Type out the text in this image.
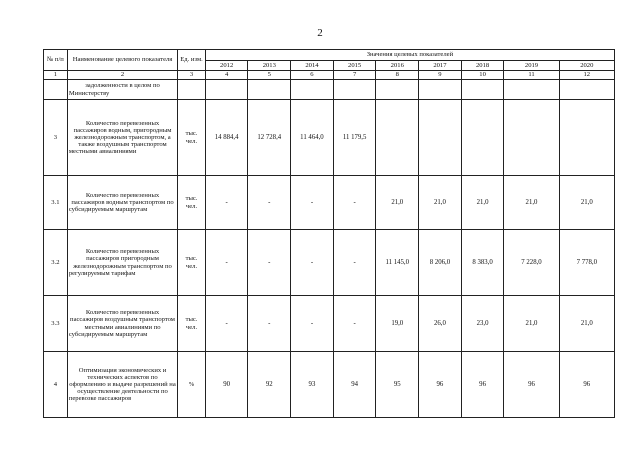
2
№ п/п	Наименование целевого показателя	Ед. изм.	Значения целевых показателей								
			2012	2013	2014	2015	2016	2017	2018	2019	2020
1	2	3	4	5	6	7	8	9	10	11	12
	задолженности в целом по Министерству										
3	Количество перевезенных пассажиров водным, пригородным железнодорожным транспортом, а также воздушным транспортом местными авиалиниями	тыс. чел.	14 884,4	12 728,4	11 464,0	11 179,5					
3.1	Количество перевезенных пассажиров водным транспортом по субсидируемым маршрутам	тыс. чел.	-	-	-	-	21,0	21,0	21,0	21,0	21,0
3.2	Количество перевезенных пассажиров пригородным железнодорожным транспортом по регулируемым тарифам	тыс. чел.	-	-	-	-	11 145,0	8 206,0	8 383,0	7 228,0	7 778,0
3.3	Количество перевезенных пассажиров воздушным транспортом местными авиалиниями по субсидируемым маршрутам	тыс. чел.	-	-	-	-	19,0	26,0	23,0	21,0	21,0
4	Оптимизация экономических и технических аспектов по оформлению и выдаче разрешений на осуществление деятельности по перевозке пассажиров	%	90	92	93	94	95	96	96	96	96
